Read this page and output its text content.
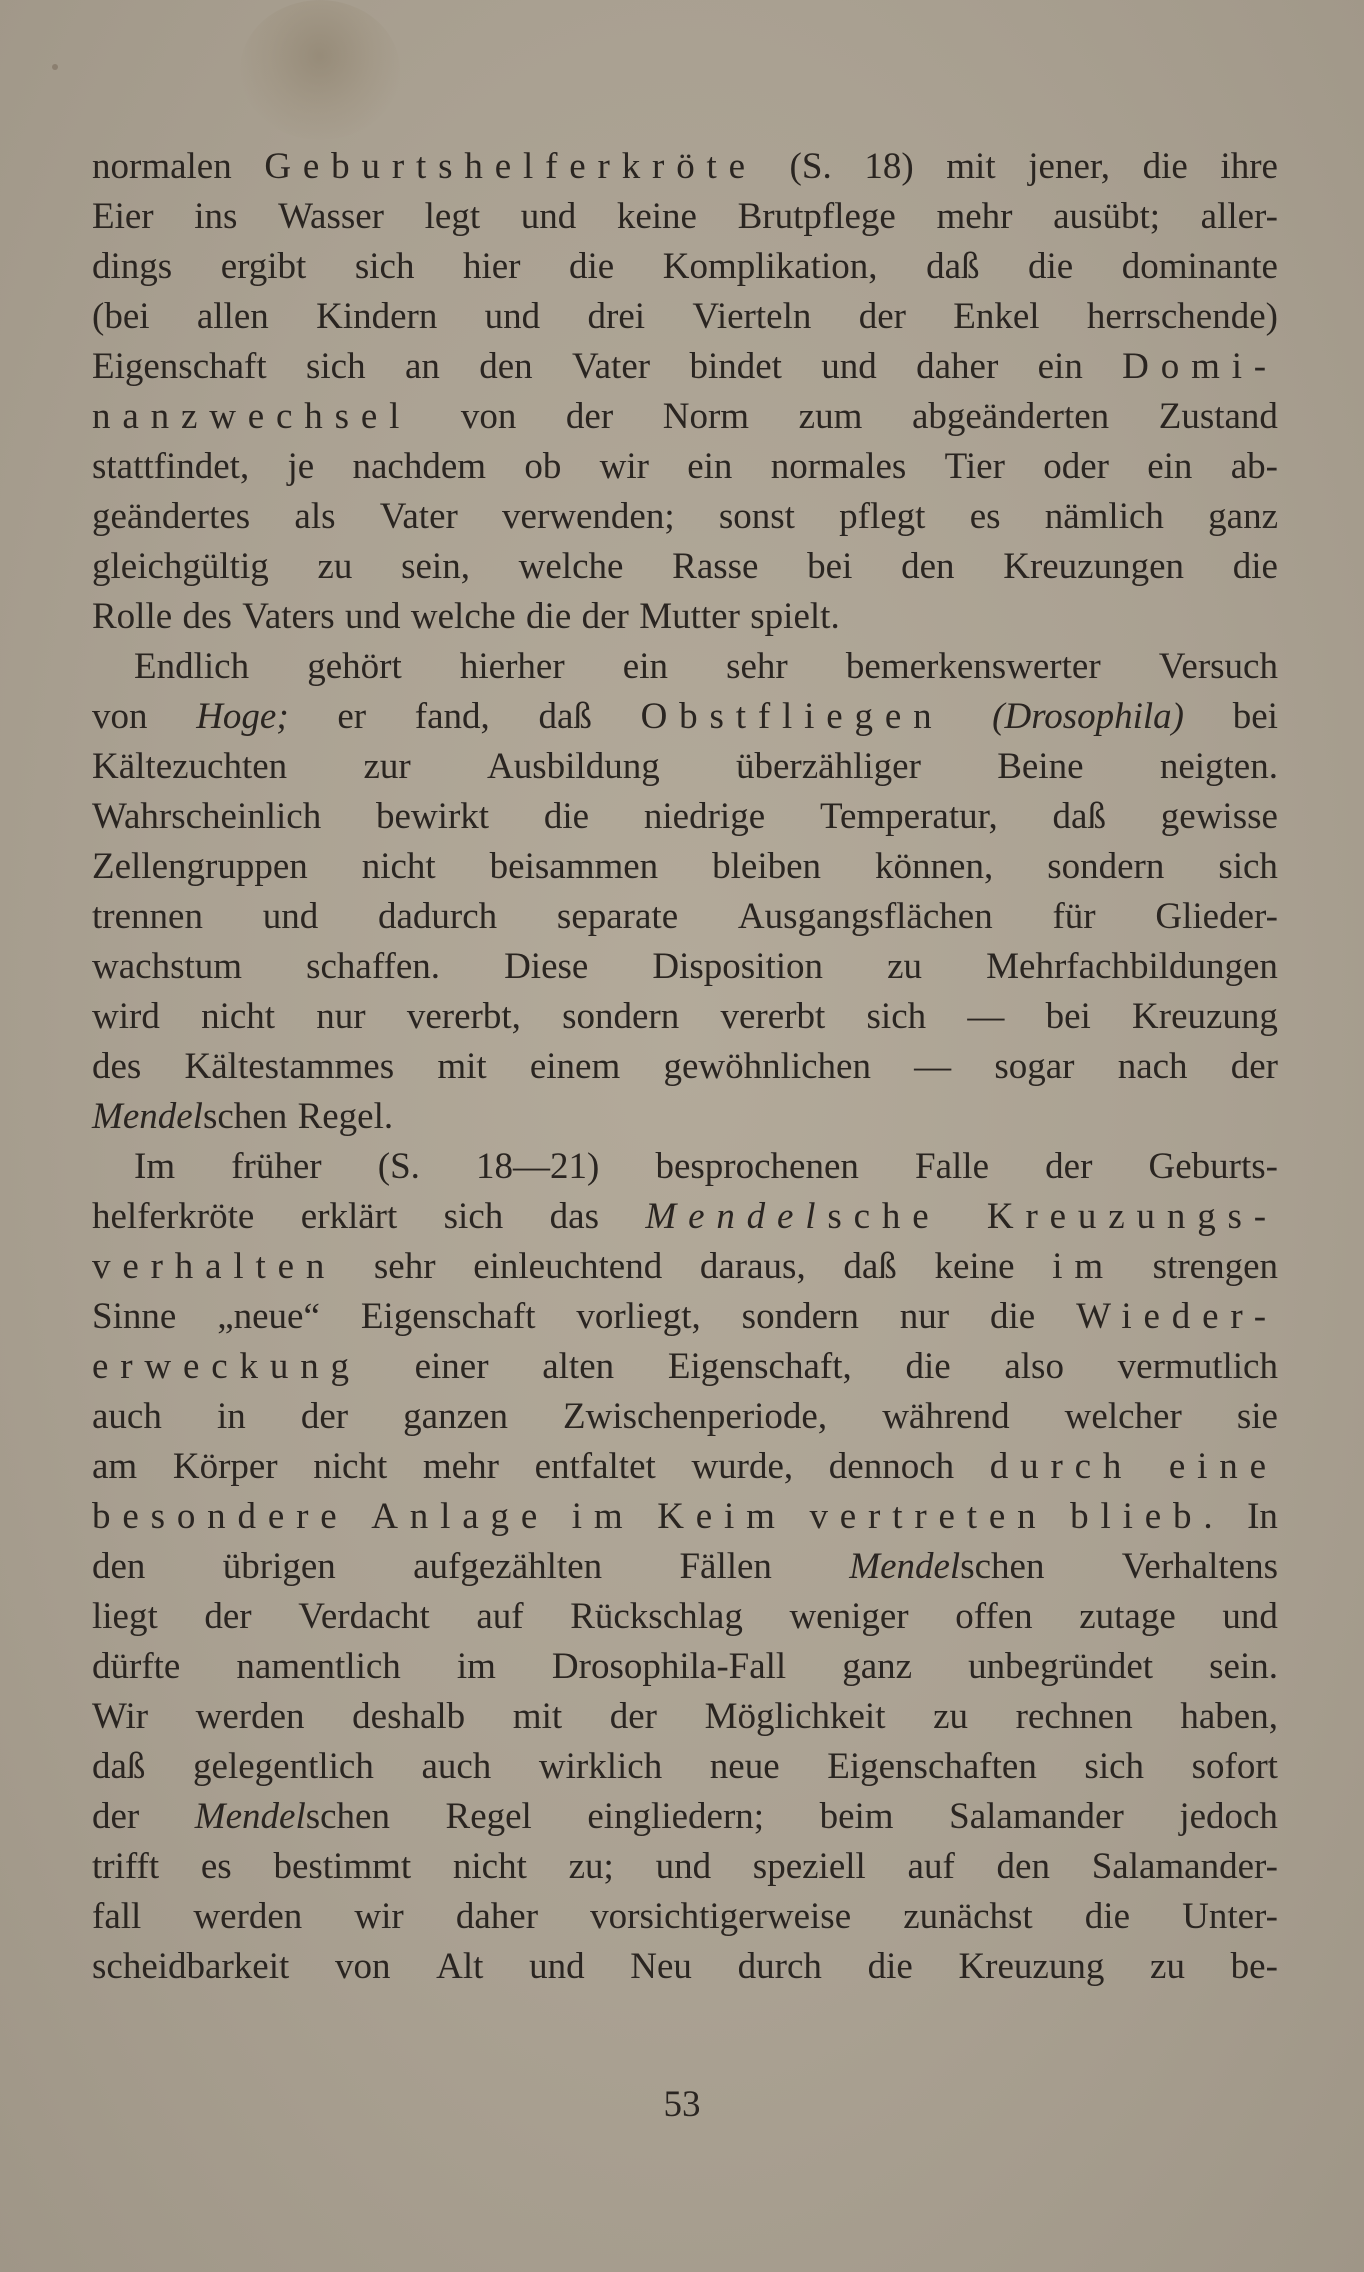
normalen Geburtshelferkröte (S. 18) mit jener, die ihre
Eier ins Wasser legt und keine Brutpflege mehr ausübt; aller-
dings ergibt sich hier die Komplikation, daß die dominante
(bei allen Kindern und drei Vierteln der Enkel herrschende)
Eigenschaft sich an den Vater bindet und daher ein Domi-
nanzwechsel von der Norm zum abgeänderten Zustand
stattfindet, je nachdem ob wir ein normales Tier oder ein ab-
geändertes als Vater verwenden; sonst pflegt es nämlich ganz
gleichgültig zu sein, welche Rasse bei den Kreuzungen die
Rolle des Vaters und welche die der Mutter spielt.
Endlich gehört hierher ein sehr bemerkenswerter Versuch
von Hoge; er fand, daß Obstfliegen (Drosophila) bei
Kältezuchten zur Ausbildung überzähliger Beine neigten.
Wahrscheinlich bewirkt die niedrige Temperatur, daß gewisse
Zellengruppen nicht beisammen bleiben können, sondern sich
trennen und dadurch separate Ausgangsflächen für Glieder-
wachstum schaffen. Diese Disposition zu Mehrfachbildungen
wird nicht nur vererbt, sondern vererbt sich — bei Kreuzung
des Kältestammes mit einem gewöhnlichen — sogar nach der
Mendelschen Regel.
Im früher (S. 18—21) besprochenen Falle der Geburts-
helferkröte erklärt sich das Mendelsche Kreuzungs-
verhalten sehr einleuchtend daraus, daß keine im strengen
Sinne „neue“ Eigenschaft vorliegt, sondern nur die Wieder-
erweckung einer alten Eigenschaft, die also vermutlich
auch in der ganzen Zwischenperiode, während welcher sie
am Körper nicht mehr entfaltet wurde, dennoch durch eine
besondere Anlage im Keim vertreten blieb. In
den übrigen aufgezählten Fällen Mendelschen Verhaltens
liegt der Verdacht auf Rückschlag weniger offen zutage und
dürfte namentlich im Drosophila-Fall ganz unbegründet sein.
Wir werden deshalb mit der Möglichkeit zu rechnen haben,
daß gelegentlich auch wirklich neue Eigenschaften sich sofort
der Mendelschen Regel eingliedern; beim Salamander jedoch
trifft es bestimmt nicht zu; und speziell auf den Salamander-
fall werden wir daher vorsichtigerweise zunächst die Unter-
scheidbarkeit von Alt und Neu durch die Kreuzung zu be-
53
